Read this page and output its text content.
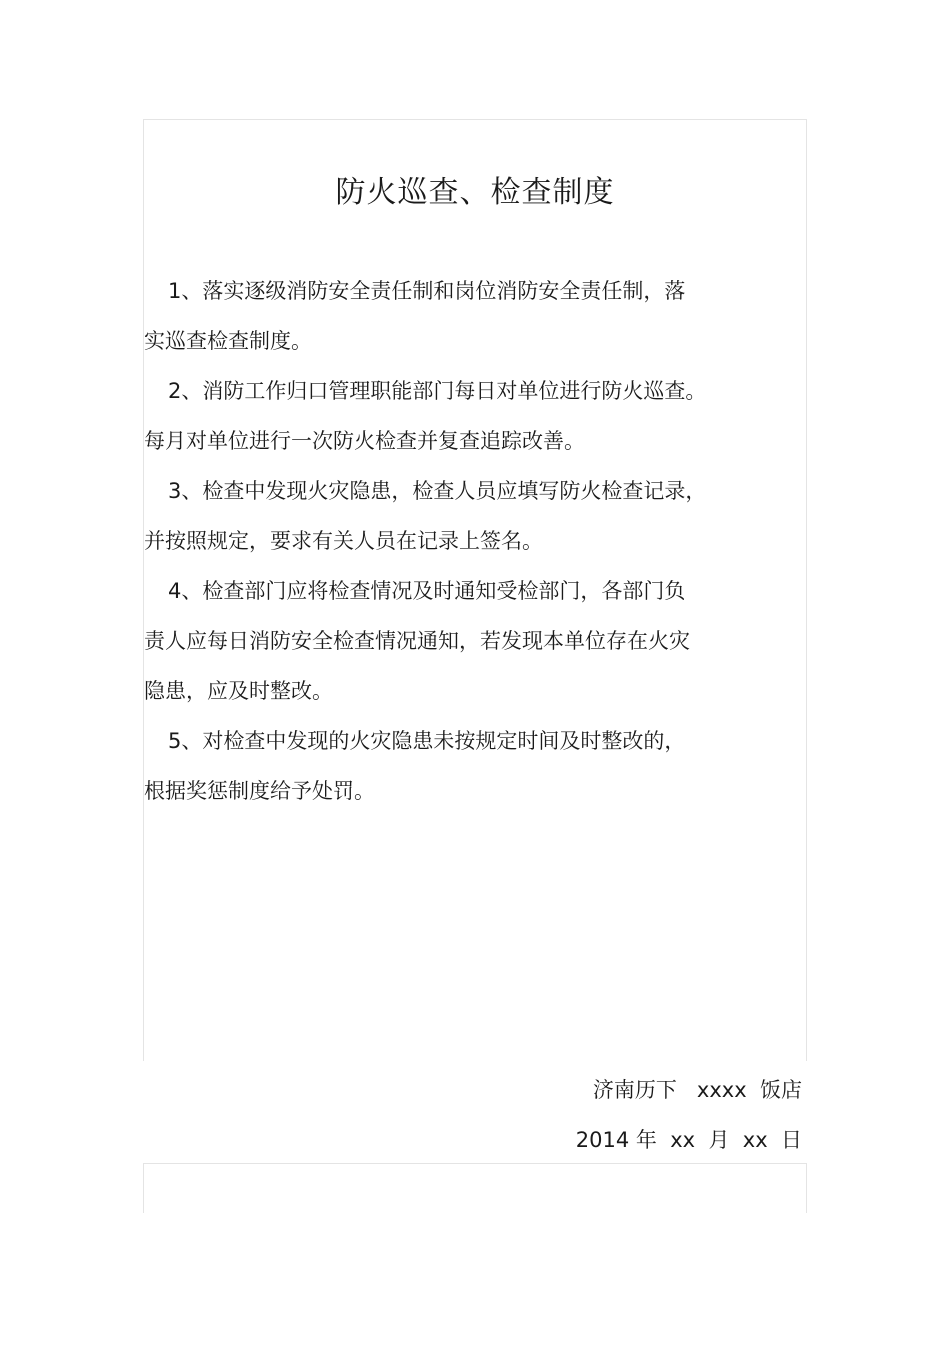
防火巡查、检查制度

1、落实逐级消防安全责任制和岗位消防安全责任制，落

实巡查检查制度。

2、消防工作归口管理职能部门每日对单位进行防火巡查。

每月对单位进行一次防火检查并复查追踪改善。

3、检查中发现火灾隐患，检查人员应填写防火检查记录，

并按照规定，要求有关人员在记录上签名。

4、检查部门应将检查情况及时通知受检部门，各部门负

责人应每日消防安全检查情况通知，若发现本单位存在火灾

隐患，应及时整改。

5、对检查中发现的火灾隐患未按规定时间及时整改的，

根据奖惩制度给予处罚。

济南历下   xxxx  饭店

2014 年  xx  月  xx  日
